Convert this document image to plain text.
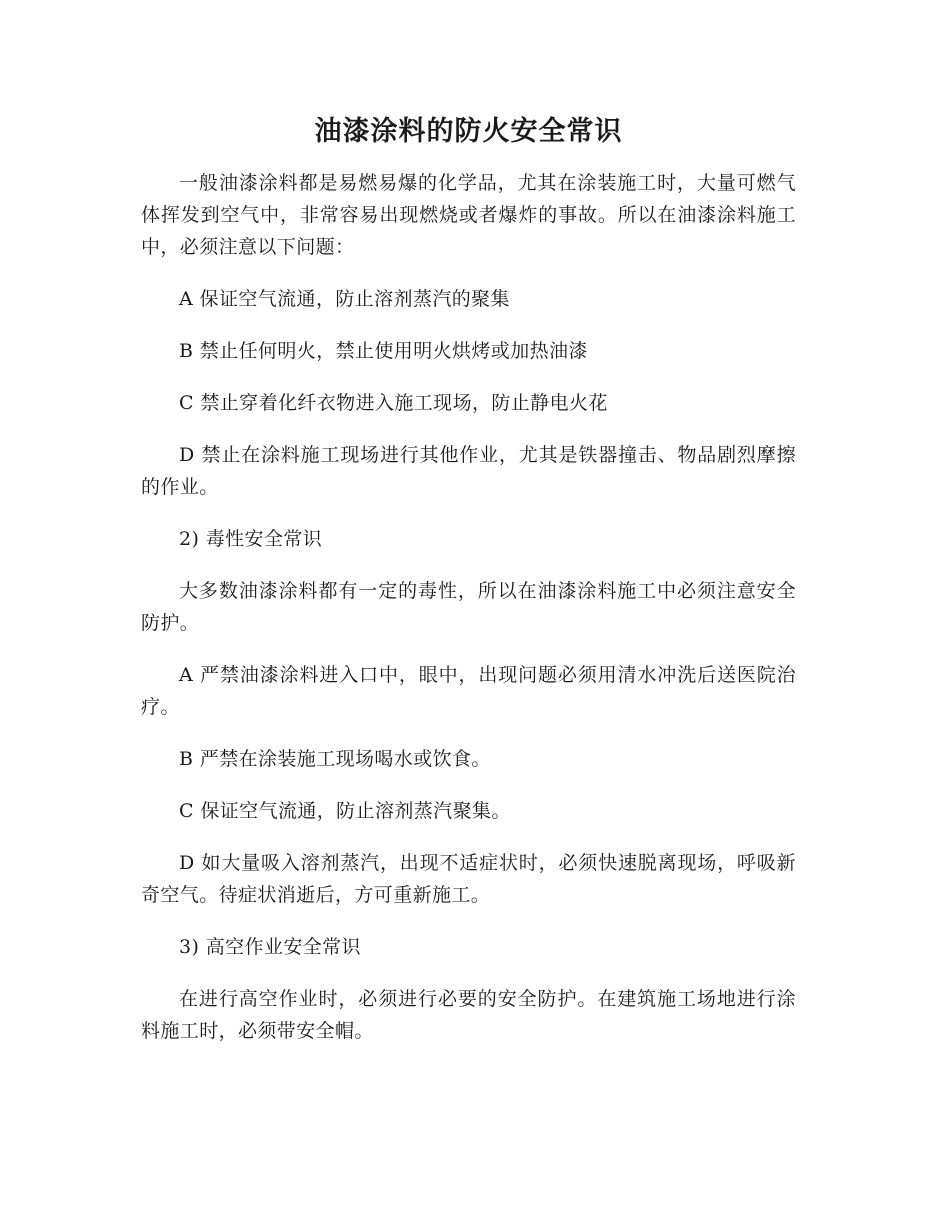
油漆涂料的防火安全常识

一般油漆涂料都是易燃易爆的化学品，尤其在涂装施工时，大量可燃气体挥发到空气中，非常容易出现燃烧或者爆炸的事故。所以在油漆涂料施工中，必须注意以下问题：

A 保证空气流通，防止溶剂蒸汽的聚集

B 禁止任何明火，禁止使用明火烘烤或加热油漆

C 禁止穿着化纤衣物进入施工现场，防止静电火花

D 禁止在涂料施工现场进行其他作业，尤其是铁器撞击、物品剧烈摩擦的作业。

2) 毒性安全常识

大多数油漆涂料都有一定的毒性，所以在油漆涂料施工中必须注意安全防护。

A 严禁油漆涂料进入口中，眼中，出现问题必须用清水冲洗后送医院治疗。

B 严禁在涂装施工现场喝水或饮食。

C 保证空气流通，防止溶剂蒸汽聚集。

D 如大量吸入溶剂蒸汽，出现不适症状时，必须快速脱离现场，呼吸新奇空气。待症状消逝后，方可重新施工。

3) 高空作业安全常识

在进行高空作业时，必须进行必要的安全防护。在建筑施工场地进行涂料施工时，必须带安全帽。
